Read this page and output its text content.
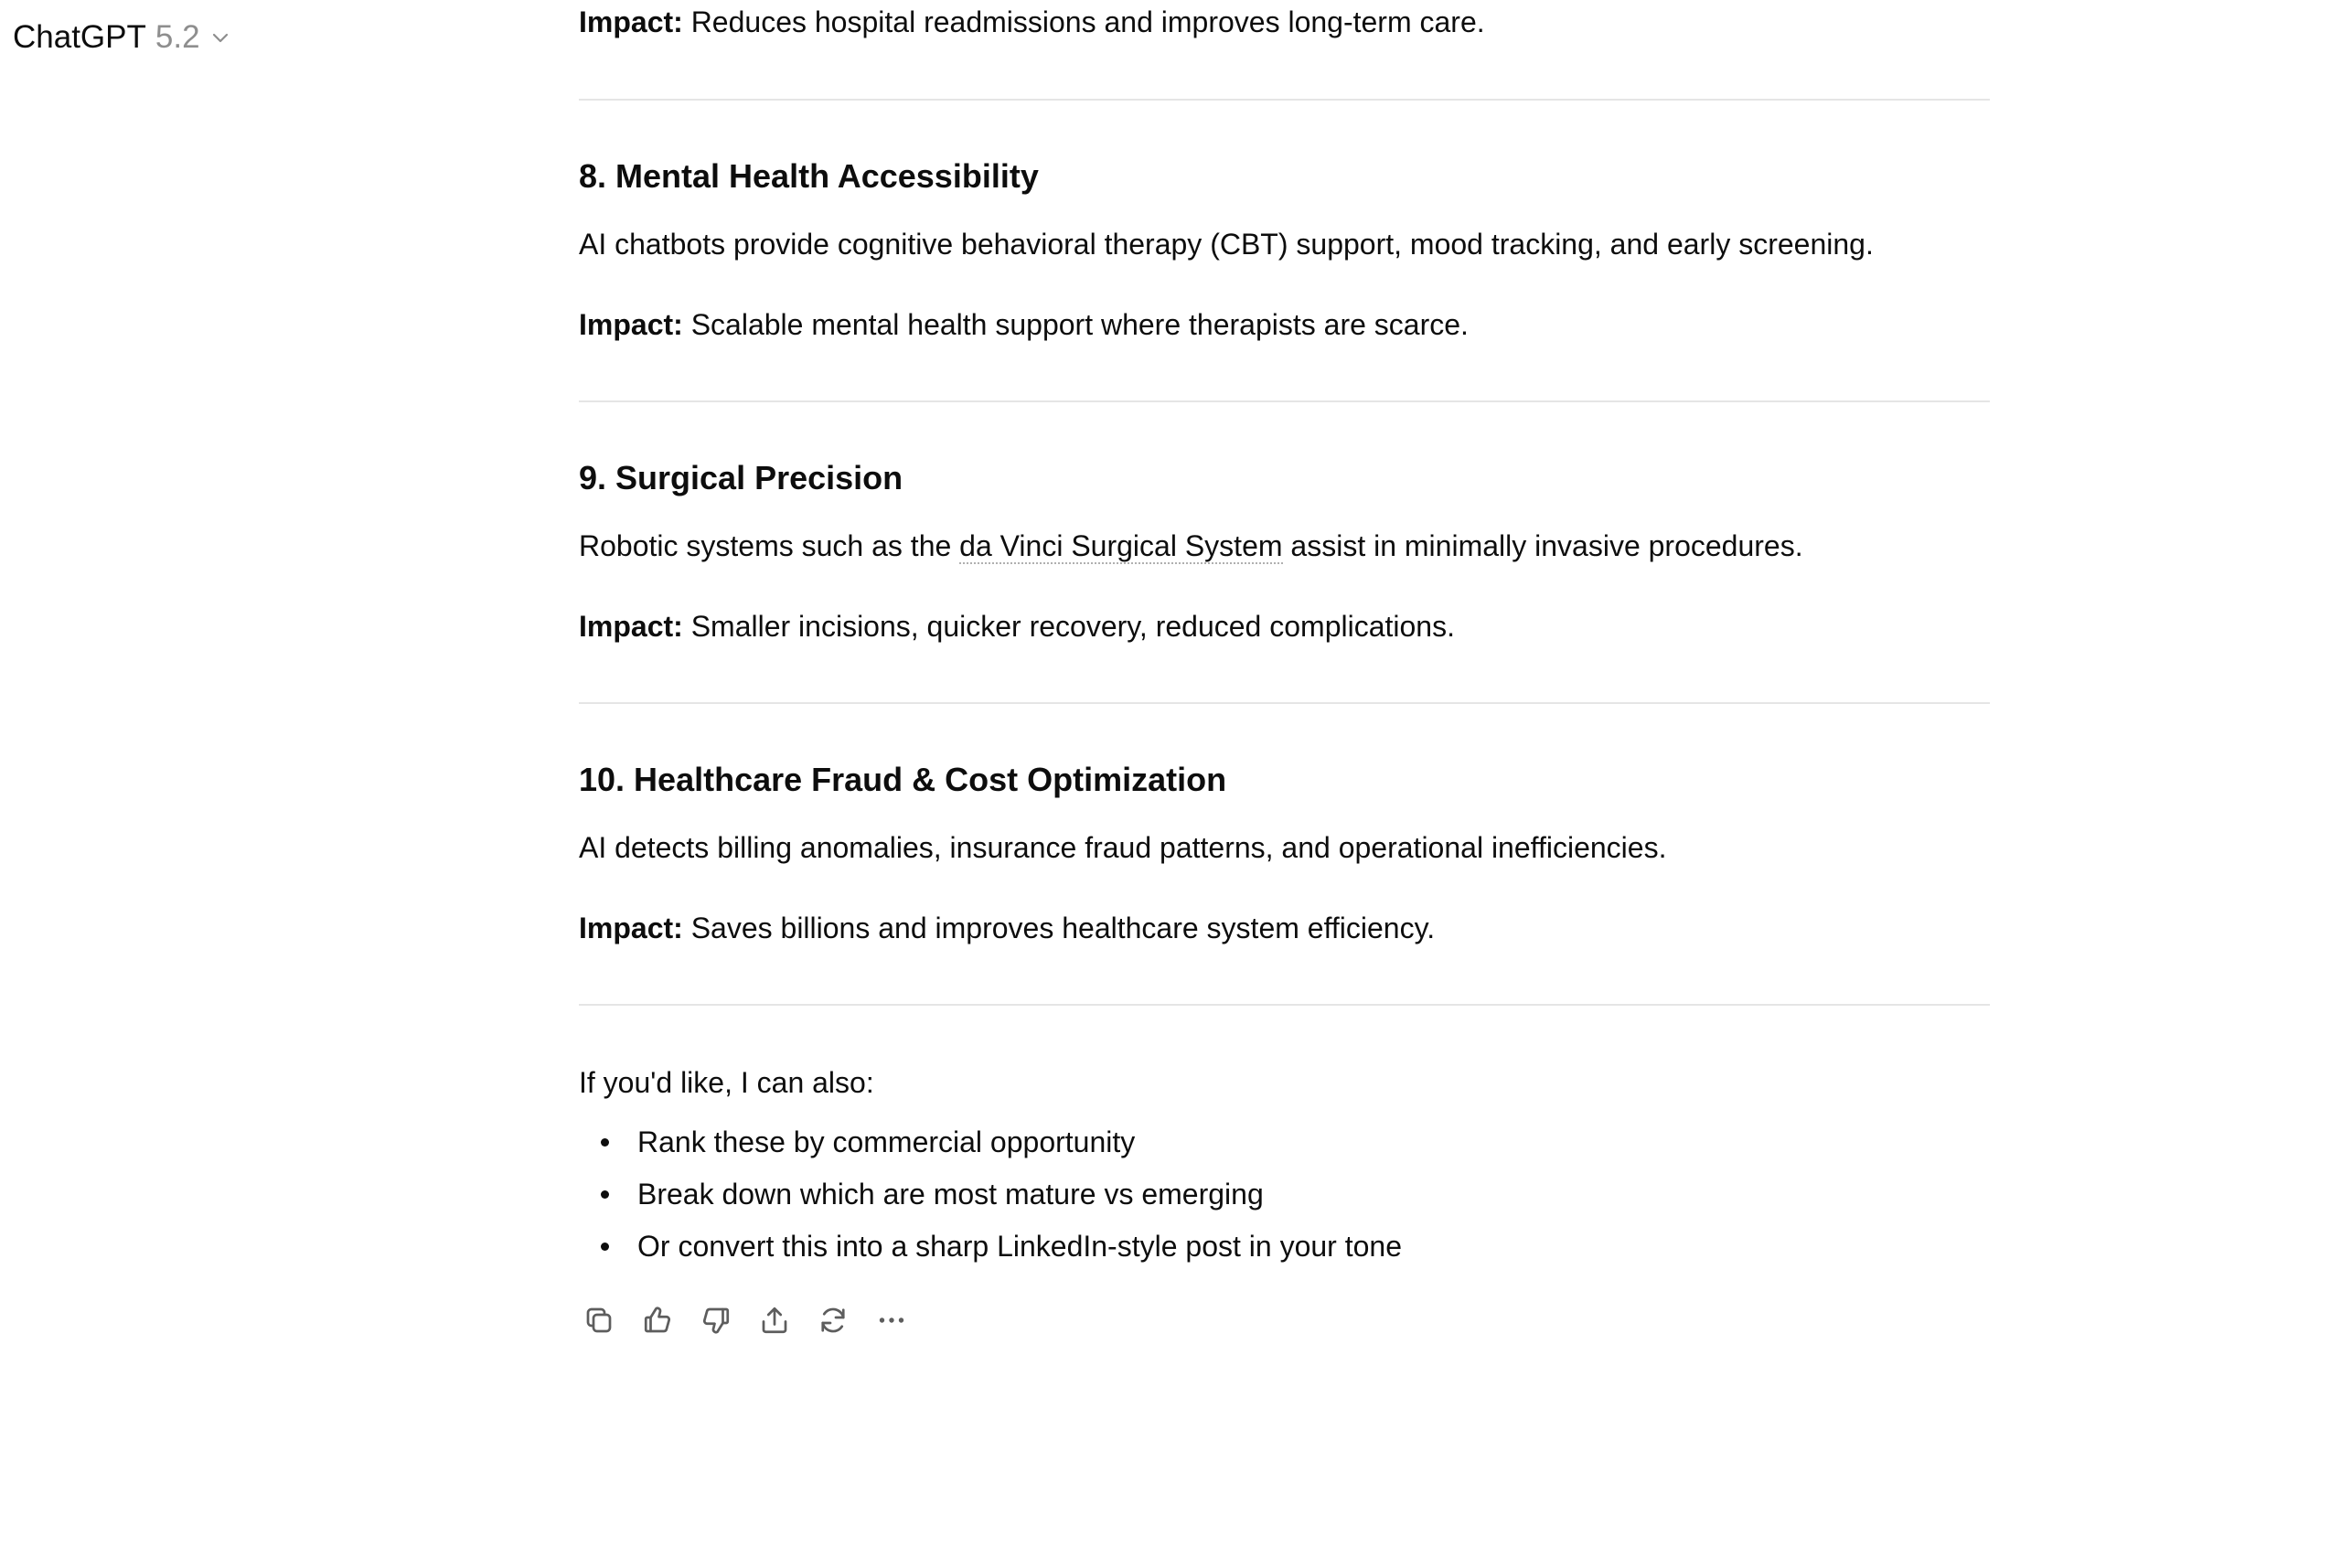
ChatGPT 5.2	Impact: Reduces hospital readmissions and improves long-term care.

8. Mental Health Accessibility

AI chatbots provide cognitive behavioral therapy (CBT) support, mood tracking, and early screening.

Impact: Scalable mental health support where therapists are scarce.

9. Surgical Precision

Robotic systems such as the da Vinci Surgical System assist in minimally invasive procedures.

Impact: Smaller incisions, quicker recovery, reduced complications.

10. Healthcare Fraud & Cost Optimization

AI detects billing anomalies, insurance fraud patterns, and operational inefficiencies.

Impact: Saves billions and improves healthcare system efficiency.

If you'd like, I can also:

Rank these by commercial opportunity
Break down which are most mature vs emerging
Or convert this into a sharp LinkedIn-style post in your tone
